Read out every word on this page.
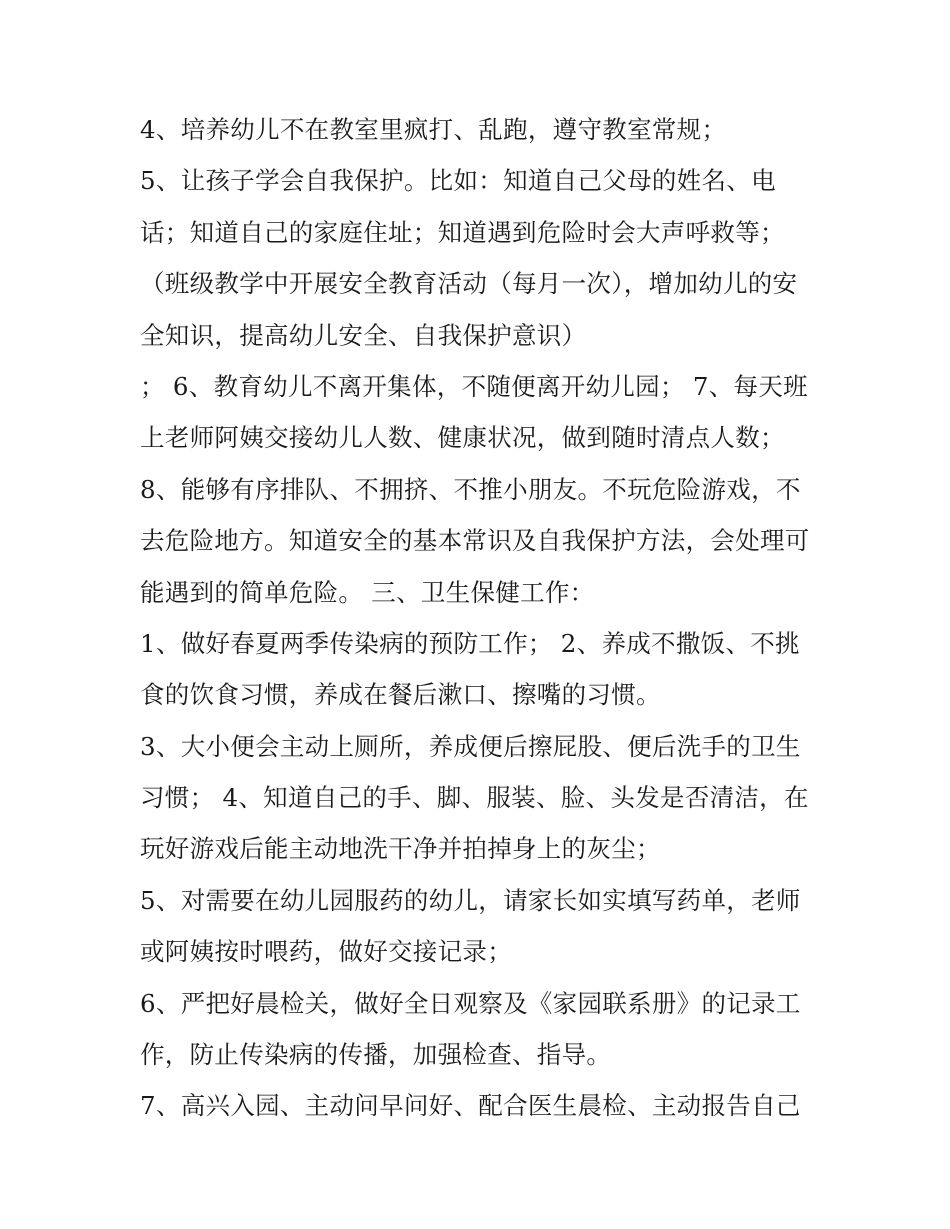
4、培养幼儿不在教室里疯打、乱跑，遵守教室常规；
5、让孩子学会自我保护。比如：知道自己父母的姓名、电
话；知道自己的家庭住址；知道遇到危险时会大声呼救等；
（班级教学中开展安全教育活动（每月一次），增加幼儿的安
全知识，提高幼儿安全、自我保护意识）
； 6、教育幼儿不离开集体，不随便离开幼儿园； 7、每天班
上老师阿姨交接幼儿人数、健康状况，做到随时清点人数；
8、能够有序排队、不拥挤、不推小朋友。不玩危险游戏，不
去危险地方。知道安全的基本常识及自我保护方法，会处理可
能遇到的简单危险。 三、卫生保健工作：
1、做好春夏两季传染病的预防工作； 2、养成不撒饭、不挑
食的饮食习惯，养成在餐后漱口、擦嘴的习惯。
3、大小便会主动上厕所，养成便后擦屁股、便后洗手的卫生
习惯； 4、知道自己的手、脚、服装、脸、头发是否清洁，在
玩好游戏后能主动地洗干净并拍掉身上的灰尘；
5、对需要在幼儿园服药的幼儿，请家长如实填写药单，老师
或阿姨按时喂药，做好交接记录；
6、严把好晨检关，做好全日观察及《家园联系册》的记录工
作，防止传染病的传播，加强检查、指导。
7、高兴入园、主动问早问好、配合医生晨检、主动报告自己
